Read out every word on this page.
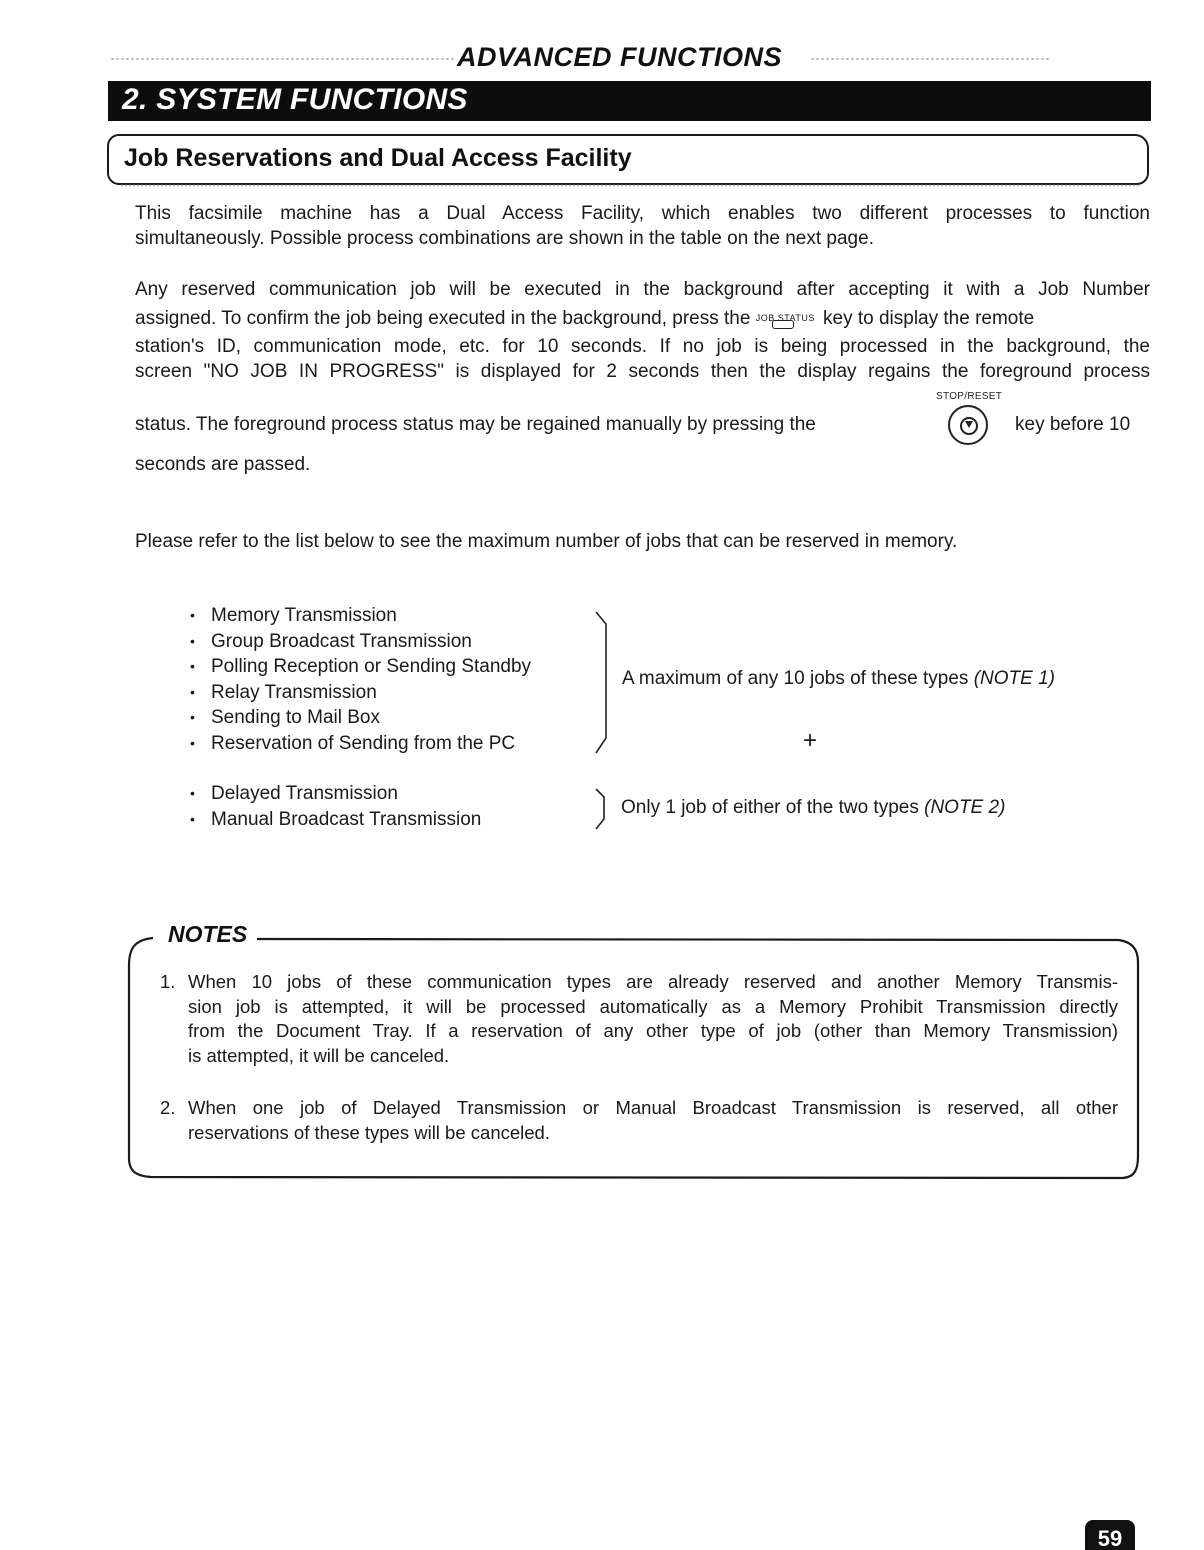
ADVANCED FUNCTIONS
2. SYSTEM FUNCTIONS
Job Reservations and Dual Access Facility
This facsimile machine has a Dual Access Facility, which enables two different processes to function
simultaneously. Possible process combinations are shown in the table on the next page.
Any reserved communication job will be executed in the background after accepting it with a Job Number
assigned. To confirm the job being executed in the background, press the JOB STATUS key to display the remote
station's ID, communication mode, etc. for 10 seconds. If no job is being processed in the background, the
screen "NO JOB IN PROGRESS" is displayed for 2 seconds then the display regains the foreground process
STOP/RESET
status. The foreground process status may be regained manually by pressing the	key before 10
seconds are passed.
Please refer to the list below to see the maximum number of jobs that can be reserved in memory.
• Memory Transmission
• Group Broadcast Transmission
• Polling Reception or Sending Standby
• Relay Transmission
• Sending to Mail Box
• Reservation of Sending from the PC
A maximum of any 10 jobs of these types (NOTE 1)
+
• Delayed Transmission
• Manual Broadcast Transmission
Only 1 job of either of the two types (NOTE 2)
NOTES
1. When 10 jobs of these communication types are already reserved and another Memory Transmis-
sion job is attempted, it will be processed automatically as a Memory Prohibit Transmission directly
from the Document Tray. If a reservation of any other type of job (other than Memory Transmission)
is attempted, it will be canceled.
2. When one job of Delayed Transmission or Manual Broadcast Transmission is reserved, all other
reservations of these types will be canceled.
59
